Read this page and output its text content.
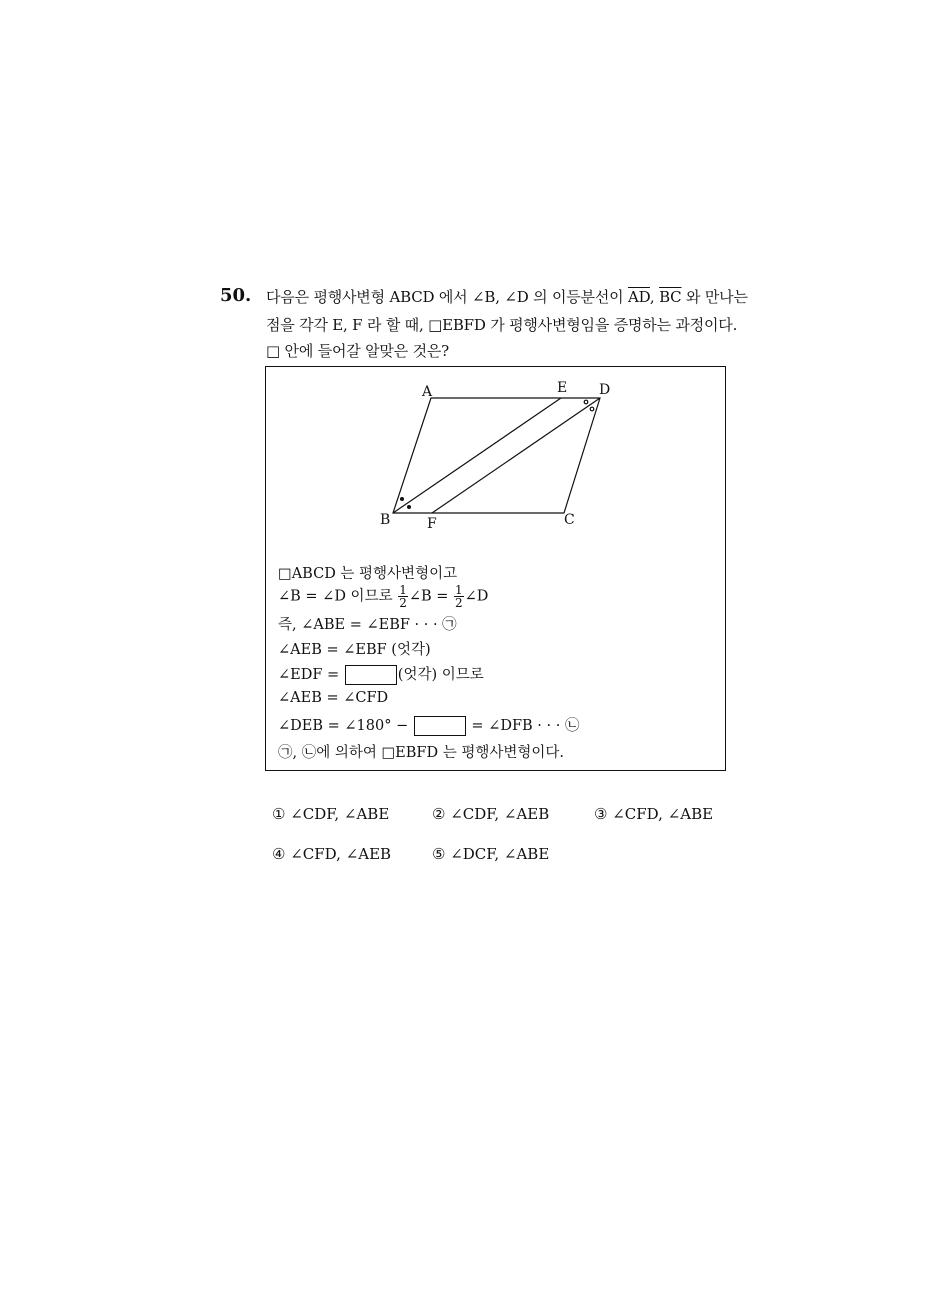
50. 다음은 평행사변형 ABCD 에서 ∠B, ∠D 의 이등분선이 $\overline{AD}$, $\overline{BC}$ 와 만나는
점을 각각 E, F 라 할 때, □EBFD 가 평행사변형임을 증명하는 과정이다.
□ 안에 들어갈 알맞은 것은?
A	E D
B	F	C
□ABCD 는 평행사변형이고
∠B = ∠D 이므로 $\frac{1}{2}$ ∠B = $\frac{1}{2}$ ∠D
즉, ∠ABE = ∠EBF · · · ㉠
∠AEB = ∠EBF (엇각)
∠EDF =	(엇각) 이므로
∠AEB = ∠CFD
∠DEB = ∠180° −	= ∠DFB · · · ㉡
㉠, ㉡에 의하여 □EBFD 는 평행사변형이다.
① ∠CDF, ∠ABE	② ∠CDF, ∠AEB	③ ∠CFD, ∠ABE
④ ∠CFD, ∠AEB	⑤ ∠DCF, ∠ABE
